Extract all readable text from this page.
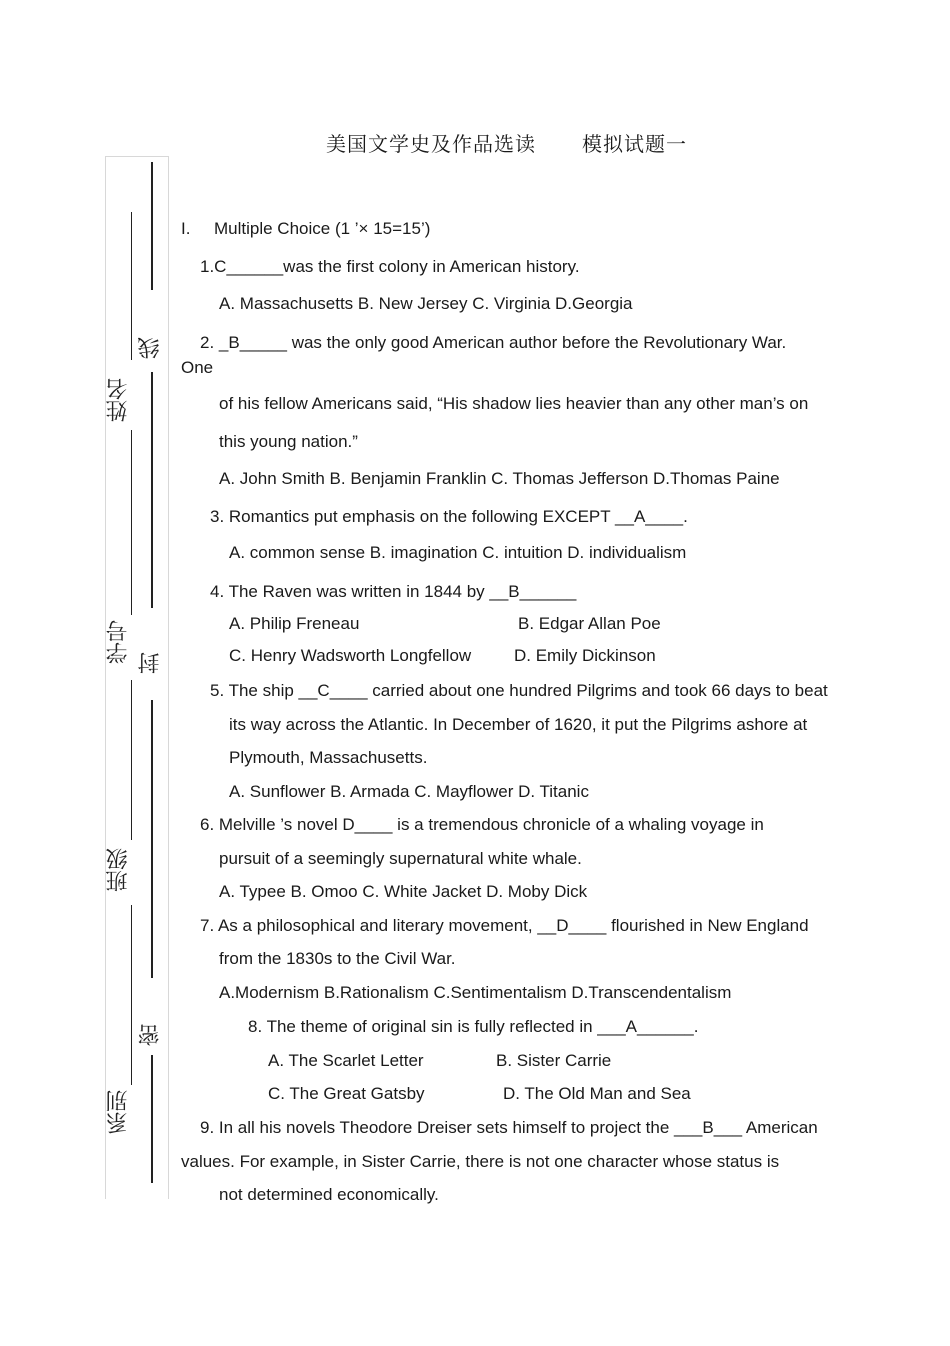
美国文学史及作品选读 模拟试题一
姓名
学号
班级
系别
线
封
密
I. Multiple Choice (1 ’× 15=15’)
1.C______was the first colony in American history.
A. Massachusetts B. New Jersey C. Virginia D.Georgia
2. _B_____ was the only good American author before the Revolutionary War.
One
of his fellow Americans said, “His shadow lies heavier than any other man’s on
this young nation.”
A. John Smith B. Benjamin Franklin C. Thomas Jefferson D.Thomas Paine
3. Romantics put emphasis on the following EXCEPT __A____.
A. common sense B. imagination C. intuition D. individualism
4. The Raven was written in 1844 by __B______
A. Philip Freneau	B. Edgar Allan Poe
C. Henry Wadsworth Longfellow	D. Emily Dickinson
5. The ship __C____ carried about one hundred Pilgrims and took 66 days to beat
its way across the Atlantic. In December of 1620, it put the Pilgrims ashore at
Plymouth, Massachusetts.
A. Sunflower B. Armada C. Mayflower D. Titanic
6. Melville ’s novel D____ is a tremendous chronicle of a whaling voyage in
pursuit of a seemingly supernatural white whale.
A. Typee B. Omoo C. White Jacket D. Moby Dick
7. As a philosophical and literary movement, __D____ flourished in New England
from the 1830s to the Civil War.
A.Modernism B.Rationalism C.Sentimentalism D.Transcendentalism
8. The theme of original sin is fully reflected in ___A______.
A. The Scarlet Letter	B. Sister Carrie
C. The Great Gatsby	D. The Old Man and Sea
9. In all his novels Theodore Dreiser sets himself to project the ___B___ American
values. For example, in Sister Carrie, there is not one character whose status is
not determined economically.
